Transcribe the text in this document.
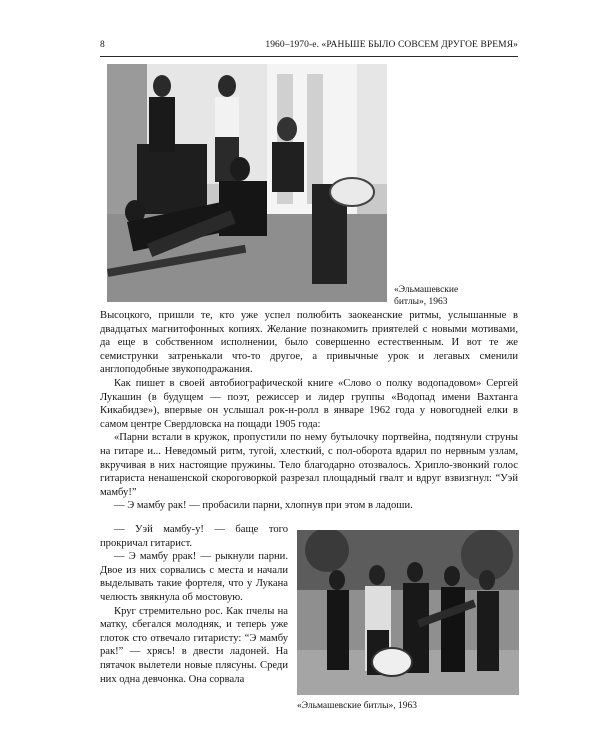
8	1960–1970-е. «РАНЬШЕ БЫЛО СОВСЕМ ДРУГОЕ ВРЕМЯ»
«Эльмашевские
битлы», 1963

Высоцкого, пришли те, кто уже успел полюбить заокеанские ритмы, услышанные в двадцатых магнитофонных копиях. Желание познакомить приятелей с новыми мотивами, да еще в собственном исполнении, было совершенно естественным. И вот те же семиструнки затренькали что-то другое, а привычные урок и легавых сменили англоподобные звукоподражания.

Как пишет в своей автобиографической книге «Слово о полку водопадовом» Сергей Лукашин (в будущем — поэт, режиссер и лидер группы «Водопад имени Вахтанга Кикабидзе»), впервые он услышал рок-н-ролл в январе 1962 года у новогодней елки в самом центре Свердловска на пощади 1905 года:

«Парни встали в кружок, пропустили по нему бутылочку портвейна, подтянули струны на гитаре и... Неведомый ритм, тугой, хлесткий, с пол-оборота вдарил по нервным узлам, вкручивая в них настоящие пружины. Тело благодарно отозвалось. Хрипло-звонкий голос гитариста ненашенской скороговоркой разрезал площадный гвалт и вдруг взвизгнул: “Уэй мамбу!”

— Э мамбу рак! — пробасили парни, хлопнув при этом в ладоши.

— Уэй мамбу-у! — баще того прокричал гитарист.

— Э мамбу ррак! — рыкнули парни. Двое из них сорвались с места и начали выделывать такие фортеля, что у Лукана челюсть звякнула об мостовую.

Круг стремительно рос. Как пчелы на матку, сбегался молодняк, и теперь уже глоток сто отвечало гитаристу: “Э мамбу рак!” — хрясь! в двести ладоней. На пятачок вылетели новые плясуны. Среди них одна девчонка. Она сорвала

«Эльмашевские битлы», 1963
